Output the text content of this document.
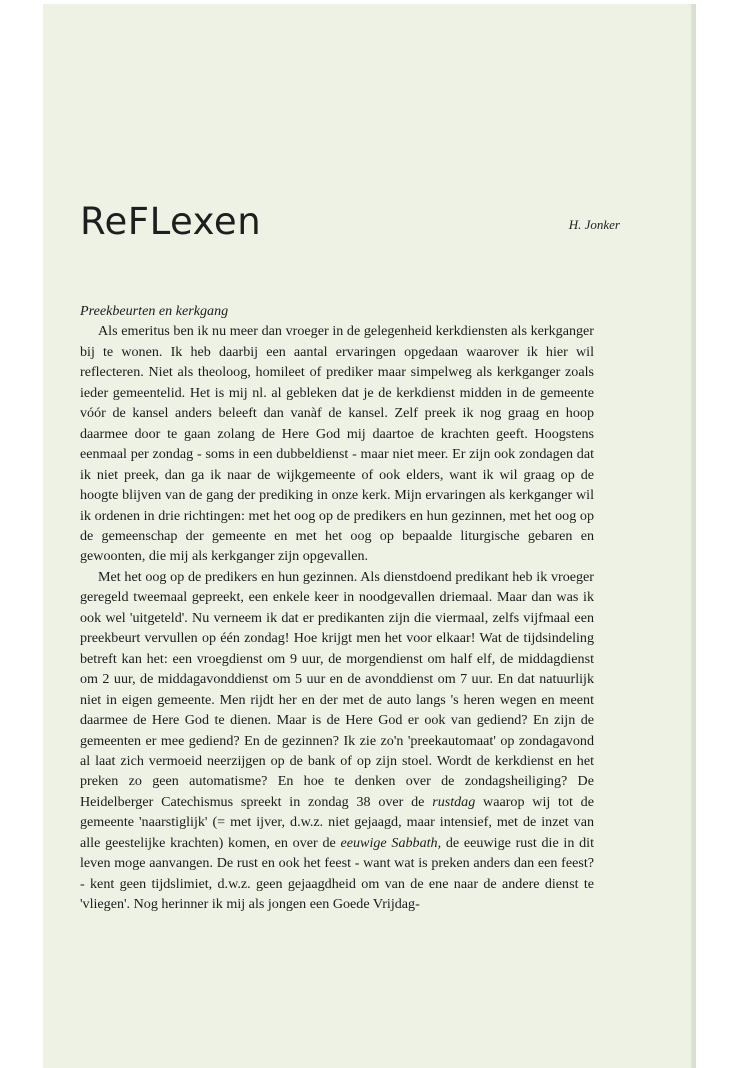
ReFLexen	H. Jonker

Preekbeurten en kerkgang

Als emeritus ben ik nu meer dan vroeger in de gelegenheid kerkdiensten als kerkganger bij te wonen. Ik heb daarbij een aantal ervaringen opgedaan waarover ik hier wil reflecteren. Niet als theoloog, homileet of prediker maar simpelweg als kerkganger zoals ieder gemeentelid. Het is mij nl. al gebleken dat je de kerkdienst midden in de gemeente vóór de kansel anders beleeft dan vanàf de kansel. Zelf preek ik nog graag en hoop daarmee door te gaan zolang de Here God mij daartoe de krachten geeft. Hoogstens eenmaal per zondag - soms in een dubbeldienst - maar niet meer. Er zijn ook zondagen dat ik niet preek, dan ga ik naar de wijkgemeente of ook elders, want ik wil graag op de hoogte blijven van de gang der prediking in onze kerk. Mijn ervaringen als kerkganger wil ik ordenen in drie richtingen: met het oog op de predikers en hun gezinnen, met het oog op de gemeenschap der gemeente en met het oog op bepaalde liturgische gebaren en gewoonten, die mij als kerkganger zijn opgevallen.

Met het oog op de predikers en hun gezinnen. Als dienstdoend predikant heb ik vroeger geregeld tweemaal gepreekt, een enkele keer in noodgevallen driemaal. Maar dan was ik ook wel 'uitgeteld'. Nu verneem ik dat er predikanten zijn die viermaal, zelfs vijfmaal een preekbeurt vervullen op één zondag! Hoe krijgt men het voor elkaar! Wat de tijdsindeling betreft kan het: een vroegdienst om 9 uur, de morgendienst om half elf, de middagdienst om 2 uur, de middagavonddienst om 5 uur en de avonddienst om 7 uur. En dat natuurlijk niet in eigen gemeente. Men rijdt her en der met de auto langs 's heren wegen en meent daarmee de Here God te dienen. Maar is de Here God er ook van gediend? En zijn de gemeenten er mee gediend? En de gezinnen? Ik zie zo'n 'preekautomaat' op zondagavond al laat zich vermoeid neerzijgen op de bank of op zijn stoel. Wordt de kerkdienst en het preken zo geen automatisme? En hoe te denken over de zondagsheiliging? De Heidelberger Catechismus spreekt in zondag 38 over de rustdag waarop wij tot de gemeente 'naarstiglijk' (= met ijver, d.w.z. niet gejaagd, maar intensief, met de inzet van alle geestelijke krachten) komen, en over de eeuwige Sabbath, de eeuwige rust die in dit leven moge aanvangen. De rust en ook het feest - want wat is preken anders dan een feest? - kent geen tijdslimiet, d.w.z. geen gejaagdheid om van de ene naar de andere dienst te 'vliegen'. Nog herinner ik mij als jongen een Goede Vrijdag-
